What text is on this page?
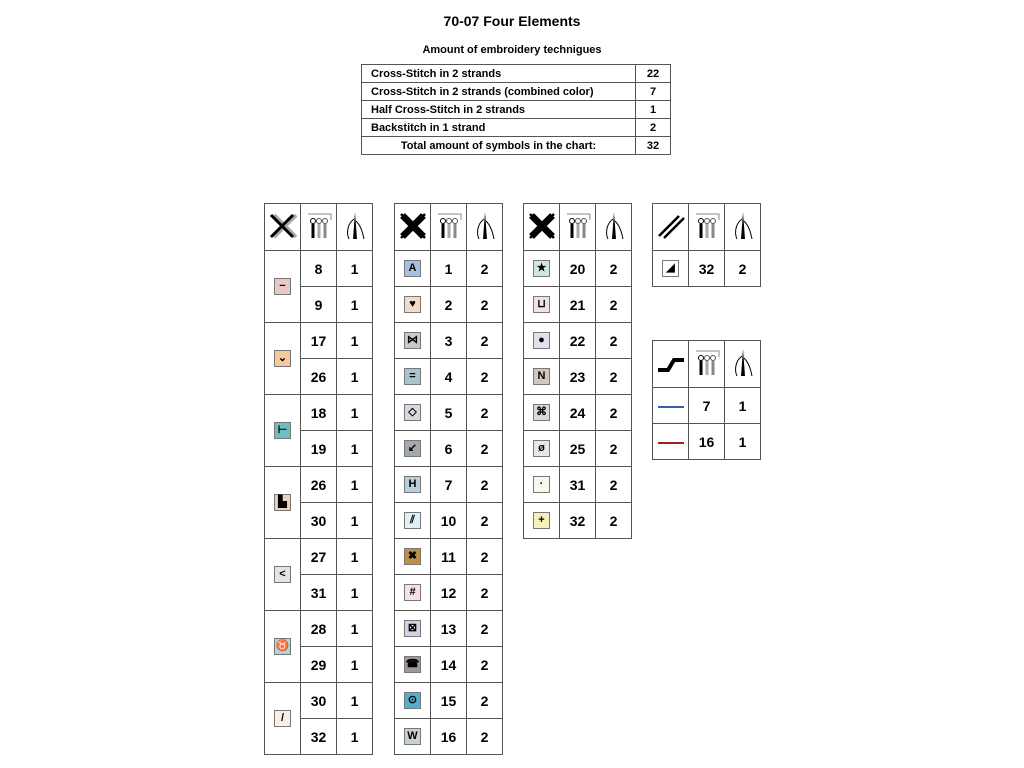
70-07 Four Elements
Amount of embroidery technigues
Cross-Stitch in 2 strands	22
Cross-Stitch in 2 strands (combined color)	7
Half Cross-Stitch in 2 strands	1
Backstitch in 1 strand	2
Total amount of symbols in the chart:	32

−	8	1
	9	1
⌄	17	1
	26	1
⊢	18	1
	19	1
▙	26	1
	30	1
<	27	1
	31	1
♉	28	1
	29	1
/	30	1
	32	1

A	1	2
♥	2	2
⋈	3	2
=	4	2
◇	5	2
↙	6	2
H	7	2
⫽	10	2
✖	11	2
#	12	2
⊠	13	2
☎	14	2
⊙	15	2
W	16	2

★	20	2
⊔	21	2
●	22	2
N	23	2
⌘	24	2
ø	25	2
·	31	2
+	32	2

◢	32	2

	7	1
	16	1
